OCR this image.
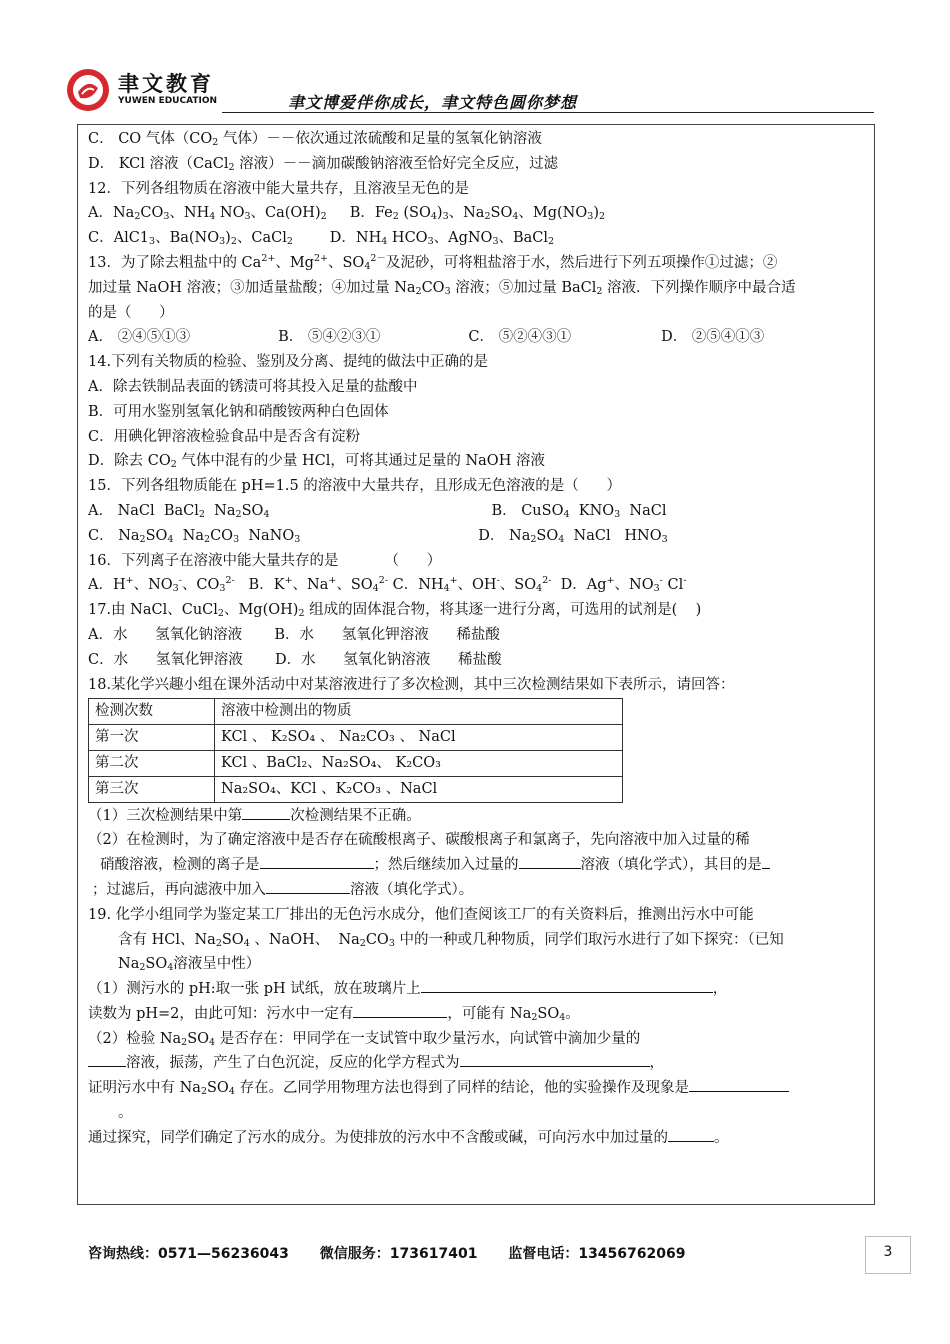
聿文教育
YUWEN EDUCATION	聿文博爱伴你成长，聿文特色圆你梦想
C． CO 气体（$CO_2$ 气体）－－依次通过浓硫酸和足量的氢氧化钠溶液
D． KCl 溶液（CaCl$_2$ 溶液）－－滴加碳酸钠溶液至恰好完全反应，过滤
12．下列各组物质在溶液中能大量共存，且溶液呈无色的是
A．$Na_2CO_3$、$NH_4$ $NO_3$、$Ca(OH)_2$     B．$Fe_2$ $(SO_4)_3$、$Na_2SO_4$、$Mg(NO_3)_2$
C．$AlC1_3$、$Ba(NO_3)_2$、CaCl$_2$        D．$NH_4$ $HCO_3$、AgNO$_3$、BaCl$_2$
13．为了除去粗盐中的 $Ca^{2+}$、$Mg^{2+}$、$SO_4^{2-}$及泥砂，可将粗盐溶于水，然后进行下列五项操作①过滤；②
加过量 NaOH 溶液；③加适量盐酸；④加过量 $Na_2CO_3$ 溶液；⑤加过量 BaCl$_2$ 溶液．下列操作顺序中最合适
的是（      ）
A． ②④⑤①③	B． ⑤④②③①	C． ⑤②④③①	D． ②⑤④①③
14.下列有关物质的检验、鉴别及分离、提纯的做法中正确的是
A．除去铁制品表面的锈渍可将其投入足量的盐酸中
B．可用水鉴别氢氧化钠和硝酸铵两种白色固体
C．用碘化钾溶液检验食品中是否含有淀粉
D．除去 $CO_2$ 气体中混有的少量 HCl，可将其通过足量的 NaOH 溶液
15．下列各组物质能在 pH=1.5 的溶液中大量共存，且形成无色溶液的是（      ）
A． NaCl  BaCl$_2$  $Na_2SO_4$	B． CuSO$_4$  $KNO_3$  NaCl
C． $Na_2SO_4$  $Na_2CO_3$  NaNO$_3$	D． $Na_2SO_4$  NaCl   $HNO_3$
16．下列离子在溶液中能大量共存的是          （      ）
A．H+、$NO_3^-$、$CO_3^{2-}$   B．K+、Na+、$SO_4^{2-}$ C．$NH_4^+$、OH-、$SO_4^{2-}$  D．Ag+、$NO_3^-$ Cl-
17.由 NaCl、CuCl$_2$、$Mg(OH)_2$ 组成的固体混合物，将其逐一进行分离，可选用的试剂是(    )
A．水      氢氧化钠溶液       B．水      氢氧化钾溶液      稀盐酸
C．水      氢氧化钾溶液       D．水      氢氧化钠溶液      稀盐酸
18.某化学兴趣小组在课外活动中对某溶液进行了多次检测，其中三次检测结果如下表所示，请回答：
检测次数	溶液中检测出的物质
第一次	KCl 、 K₂SO₄ 、 Na₂CO₃ 、 NaCl
第二次	KCl 、BaCl₂、Na₂SO₄、 K₂CO₃
第三次	Na₂SO₄、KCl 、K₂CO₃ 、NaCl
（1）三次检测结果中第	次检测结果不正确。
（2）在检测时，为了确定溶液中是否存在硫酸根离子、碳酸根离子和氯离子，先向溶液中加入过量的稀
硝酸溶液，检测的离子是	；然后继续加入过量的	溶液（填化学式），其目的是
；过滤后，再向滤液中加入	溶液（填化学式）。
19. 化学小组同学为鉴定某工厂排出的无色污水成分，他们查阅该工厂的有关资料后，推测出污水中可能
含有 HCl、$Na_2SO_4$ 、NaOH、  $Na_2CO_3$ 中的一种或几种物质，同学们取污水进行了如下探究：（已知
$Na_2SO_4$溶液呈中性）
（1）测污水的 pH:取一张 pH 试纸，放在玻璃片上	，
读数为 pH=2，由此可知：污水中一定有	，可能有 $Na_2SO_4$。
（2）检验 $Na_2SO_4$ 是否存在：甲同学在一支试管中取少量污水，向试管中滴加少量的
溶液，振荡，产生了白色沉淀，反应的化学方程式为	，
证明污水中有 $Na_2SO_4$ 存在。乙同学用物理方法也得到了同样的结论，他的实验操作及现象是
。
通过探究，同学们确定了污水的成分。为使排放的污水中不含酸或碱，可向污水中加过量的	。
咨询热线：0571—56236043 微信服务：173617401 监督电话：13456762069	3
